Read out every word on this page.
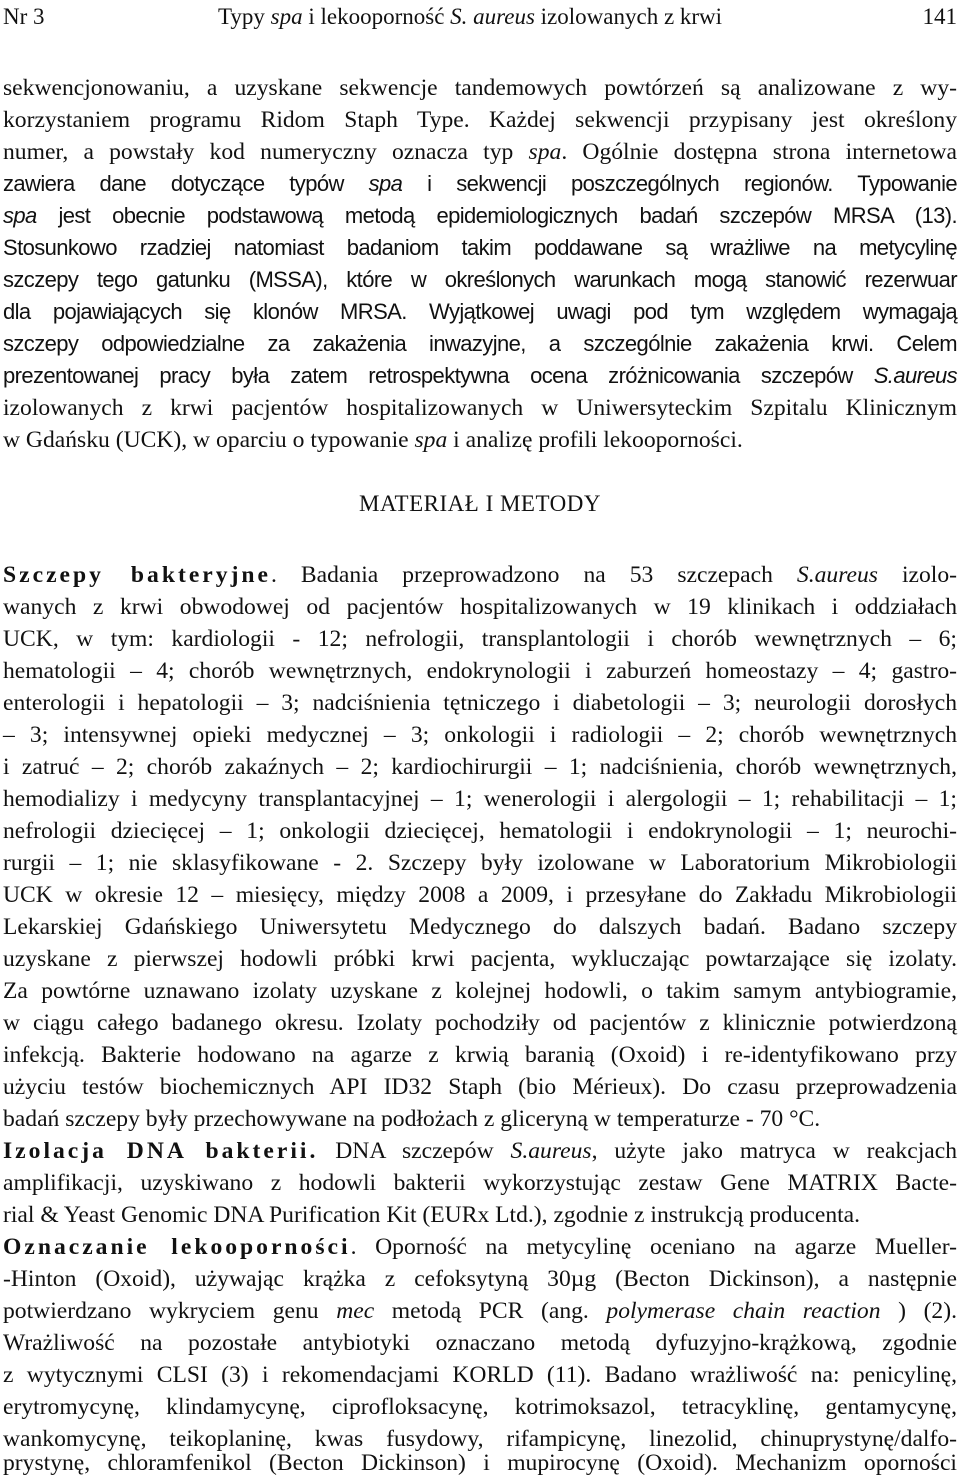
Nr 3	Typy spa i lekooporność S. aureus izolowanych z krwi	141
sekwencjonowaniu, a uzyskane sekwencje tandemowych powtórzeń są analizowane z wy-
korzystaniem programu Ridom Staph Type. Każdej sekwencji przypisany jest określony
numer, a powstały kod numeryczny oznacza typ spa. Ogólnie dostępna strona internetowa
zawiera dane dotyczące typów spa i sekwencji poszczególnych regionów. Typowanie
spa jest obecnie podstawową metodą epidemiologicznych badań szczepów MRSA (13).
Stosunkowo rzadziej natomiast badaniom takim poddawane są wrażliwe na metycylinę
szczepy tego gatunku (MSSA), które w określonych warunkach mogą stanowić rezerwuar
dla pojawiających się klonów MRSA. Wyjątkowej uwagi pod tym względem wymagają
szczepy odpowiedzialne za zakażenia inwazyjne, a szczególnie zakażenia krwi. Celem
prezentowanej pracy była zatem retrospektywna ocena zróżnicowania szczepów S.aureus
izolowanych z krwi pacjentów hospitalizowanych w Uniwersyteckim Szpitalu Klinicznym
w Gdańsku (UCK), w oparciu o typowanie spa i analizę profili lekooporności.
MATERIAŁ I METODY
Szczepy bakteryjne. Badania przeprowadzono na 53 szczepach S.aureus izolo-
wanych z krwi obwodowej od pacjentów hospitalizowanych w 19 klinikach i oddziałach
UCK, w tym: kardiologii - 12; nefrologii, transplantologii i chorób wewnętrznych – 6;
hematologii – 4; chorób wewnętrznych, endokrynologii i zaburzeń homeostazy – 4; gastro-
enterologii i hepatologii – 3; nadciśnienia tętniczego i diabetologii – 3; neurologii dorosłych
– 3; intensywnej opieki medycznej – 3; onkologii i radiologii – 2; chorób wewnętrznych
i zatruć – 2; chorób zakaźnych – 2; kardiochirurgii – 1; nadciśnienia, chorób wewnętrznych,
hemodializy i medycyny transplantacyjnej – 1; wenerologii i alergologii – 1; rehabilitacji – 1;
nefrologii dziecięcej – 1; onkologii dziecięcej, hematologii i endokrynologii – 1; neurochi-
rurgii – 1; nie sklasyfikowane - 2. Szczepy były izolowane w Laboratorium Mikrobiologii
UCK w okresie 12 – miesięcy, między 2008 a 2009, i przesyłane do Zakładu Mikrobiologii
Lekarskiej Gdańskiego Uniwersytetu Medycznego do dalszych badań. Badano szczepy
uzyskane z pierwszej hodowli próbki krwi pacjenta, wykluczając powtarzające się izolaty.
Za powtórne uznawano izolaty uzyskane z kolejnej hodowli, o takim samym antybiogramie,
w ciągu całego badanego okresu. Izolaty pochodziły od pacjentów z klinicznie potwierdzoną
infekcją. Bakterie hodowano na agarze z krwią baranią (Oxoid) i re-identyfikowano przy
użyciu testów biochemicznych API ID32 Staph (bio Mérieux). Do czasu przeprowadzenia
badań szczepy były przechowywane na podłożach z gliceryną w temperaturze - 70 °C.
Izolacja DNA bakterii. DNA szczepów S.aureus, użyte jako matryca w reakcjach
amplifikacji, uzyskiwano z hodowli bakterii wykorzystując zestaw Gene MATRIX Bacte-
rial & Yeast Genomic DNA Purification Kit (EURx Ltd.), zgodnie z instrukcją producenta.
Oznaczanie lekooporności. Oporność na metycylinę oceniano na agarze Mueller-
-Hinton (Oxoid), używając krążka z cefoksytyną 30µg (Becton Dickinson), a następnie
potwierdzano wykryciem genu mec metodą PCR (ang. polymerase chain reaction ) (2).
Wrażliwość na pozostałe antybiotyki oznaczano metodą dyfuzyjno-krążkową, zgodnie
z wytycznymi CLSI (3) i rekomendacjami KORLD (11). Badano wrażliwość na: penicylinę,
erytromycynę, klindamycynę, ciprofloksacynę, kotrimoksazol, tetracyklinę, gentamycynę,
wankomycynę, teikoplaninę, kwas fusydowy, rifampicynę, linezolid, chinuprystynę/dalfo-
prystynę, chloramfenikol (Becton Dickinson) i mupirocynę (Oxoid). Mechanizm oporności
